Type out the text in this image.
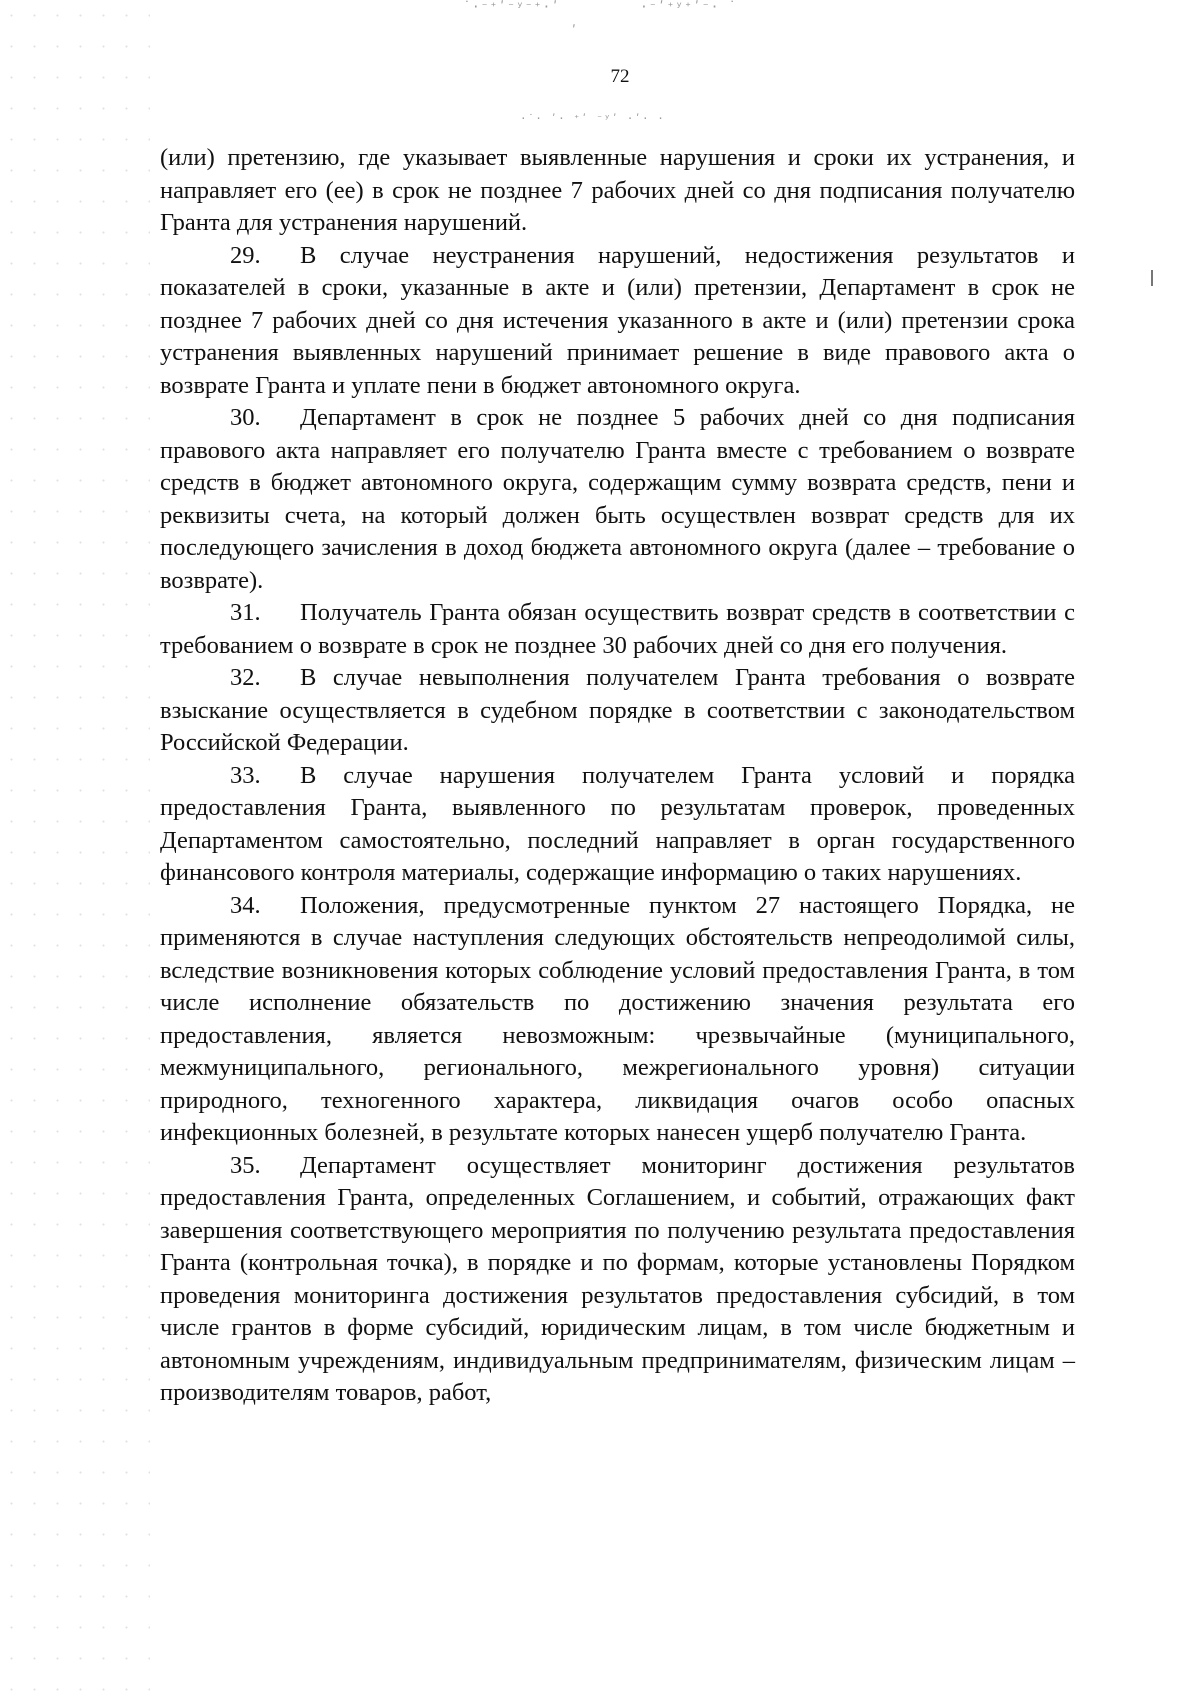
˙·⁻⁺ʹ⁻ʸ⁻⁺·ʹ	·⁻ʹ⁺ʸ⁺ʹ⁻· ˙
ʹ
·˙· ʹ· ⁺ʹ ⁻ʸʹ ·ʹ· ·
72

(или) претензию, где указывает выявленные нарушения и сроки их устранения, и направляет его (ее) в срок не позднее 7 рабочих дней со дня подписания получателю Гранта для устранения нарушений.

29. В случае неустранения нарушений, недостижения результатов и показателей в сроки, указанные в акте и (или) претензии, Департамент в срок не позднее 7 рабочих дней со дня истечения указанного в акте и (или) претензии срока устранения выявленных нарушений принимает решение в виде правового акта о возврате Гранта и уплате пени в бюджет автономного округа.

30. Департамент в срок не позднее 5 рабочих дней со дня подписания правового акта направляет его получателю Гранта вместе с требованием о возврате средств в бюджет автономного округа, содержащим сумму возврата средств, пени и реквизиты счета, на который должен быть осуществлен возврат средств для их последующего зачисления в доход бюджета автономного округа (далее – требование о возврате).

31. Получатель Гранта обязан осуществить возврат средств в соответствии с требованием о возврате в срок не позднее 30 рабочих дней со дня его получения.

32. В случае невыполнения получателем Гранта требования о возврате взыскание осуществляется в судебном порядке в соответствии с законодательством Российской Федерации.

33. В случае нарушения получателем Гранта условий и порядка предоставления Гранта, выявленного по результатам проверок, проведенных Департаментом самостоятельно, последний направляет в орган государственного финансового контроля материалы, содержащие информацию о таких нарушениях.

34. Положения, предусмотренные пунктом 27 настоящего Порядка, не применяются в случае наступления следующих обстоятельств непреодолимой силы, вследствие возникновения которых соблюдение условий предоставления Гранта, в том числе исполнение обязательств по достижению значения результата его предоставления, является невозможным: чрезвычайные (муниципального, межмуниципального, регионального, межрегионального уровня) ситуации природного, техногенного характера, ликвидация очагов особо опасных инфекционных болезней, в результате которых нанесен ущерб получателю Гранта.

35. Департамент осуществляет мониторинг достижения результатов предоставления Гранта, определенных Соглашением, и событий, отражающих факт завершения соответствующего мероприятия по получению результата предоставления Гранта (контрольная точка), в порядке и по формам, которые установлены Порядком проведения мониторинга достижения результатов предоставления субсидий, в том числе грантов в форме субсидий, юридическим лицам, в том числе бюджетным и автономным учреждениям, индивидуальным предпринимателям, физическим лицам – производителям товаров, работ,
